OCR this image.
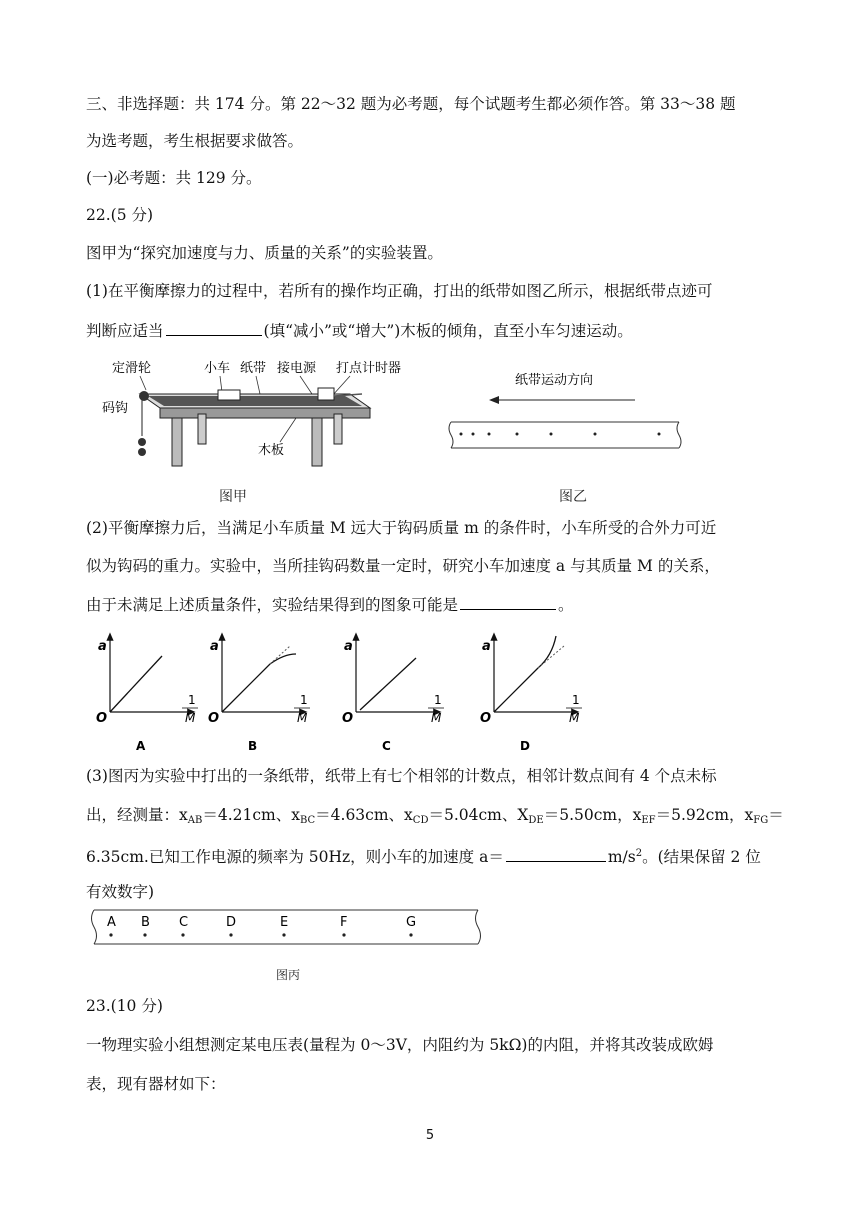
三、非选择题：共 174 分。第 22～32 题为必考题，每个试题考生都必须作答。第 33～38 题
为选考题，考生根据要求做答。
(一)必考题：共 129 分。
22.(5 分)
图甲为“探究加速度与力、质量的关系”的实验装置。
(1)在平衡摩擦力的过程中，若所有的操作均正确，打出的纸带如图乙所示，根据纸带点迹可
判断应适当	(填“减小”或“增大”)木板的倾角，直至小车匀速运动。
定滑轮	小车 纸带 接电源 打点计时器
码钩
木板
图甲
纸带运动方向
图乙
(2)平衡摩擦力后，当满足小车质量 M 远大于钩码质量 m 的条件时，小车所受的合外力可近
似为钩码的重力。实验中，当所挂钩码数量一定时，研究小车加速度 a 与其质量 M 的关系，
由于未满足上述质量条件，实验结果得到的图象可能是	。
a
O
1
M
A
a
O
1
M
B
a
O
1
M
C
a
O
1
M
D
(3)图丙为实验中打出的一条纸带，纸带上有七个相邻的计数点，相邻计数点间有 4 个点未标
出，经测量：$x_{AB}=4.21cm$、$x_{BC}=4.63cm$、$x_{CD}=5.04cm$、$X_{DE}=5.50cm$，$x_{EF}=5.92cm$，$x_{FG}=$
6.35cm.已知工作电源的频率为 50Hz，则小车的加速度 a＝	$m/s^2$。(结果保留 2 位
有效数字)
A B C	D	E	F	G
图丙
23.(10 分)
一物理实验小组想测定某电压表(量程为 0～3V，内阻约为 5kΩ)的内阻，并将其改装成欧姆
表，现有器材如下：
5
